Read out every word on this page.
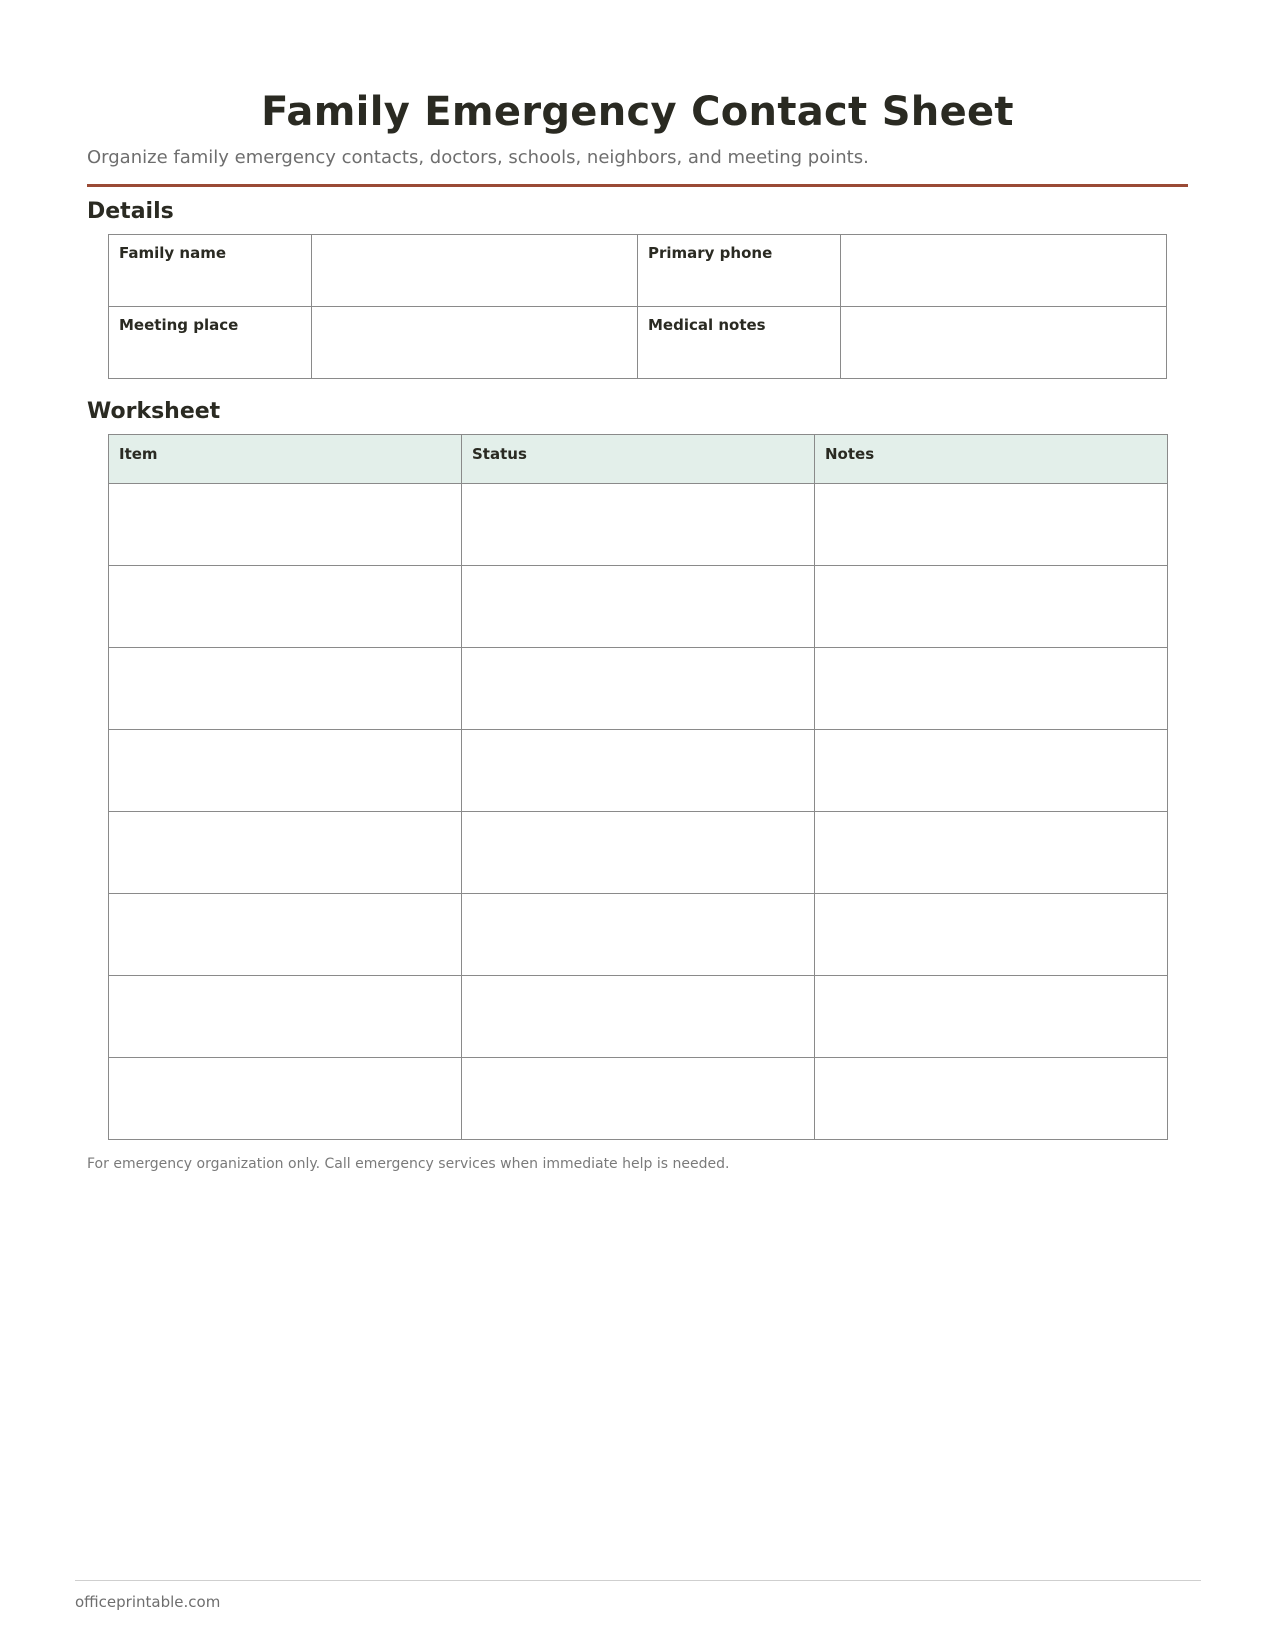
Family Emergency Contact Sheet
Organize family emergency contacts, doctors, schools, neighbors, and meeting points.
Details
Family name		Primary phone	
Meeting place		Medical notes	
Worksheet
Item	Status	Notes

For emergency organization only. Call emergency services when immediate help is needed.
officeprintable.com
